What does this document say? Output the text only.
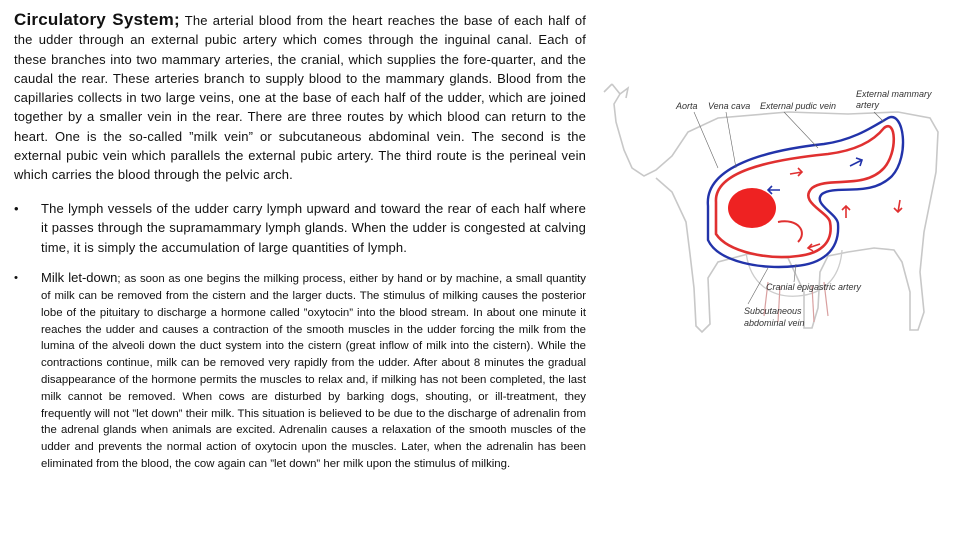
Circulatory System; The arterial blood from the heart reaches the base of each half of the udder through an external pubic artery which comes through the inguinal canal. Each of these branches into two mammary arteries, the cranial, which supplies the fore-quarter, and the caudal the rear. These arteries branch to supply blood to the mammary glands. Blood from the capillaries collects in two large veins, one at the base of each half of the udder, which are joined together by a smaller vein in the rear. There are three routes by which blood can return to the heart. One is the so-called ”milk vein” or subcutaneous abdominal vein. The second is the external pubic vein which parallels the external pubic artery. The third route is the perineal vein which carries the blood through the pelvic arch.

• The lymph vessels of the udder carry lymph upward and toward the rear of each half where it passes through the supramammary lymph glands. When the udder is congested at calving time, it is simply the accumulation of large quantities of lymph.

• Milk let-down; as soon as one begins the milking process, either by hand or by machine, a small quantity of milk can be removed from the cistern and the larger ducts. The stimulus of milking causes the posterior lobe of the pituitary to discharge a hormone called ”oxytocin” into the blood stream. In about one minute it reaches the udder and causes a contraction of the smooth muscles in the udder forcing the milk from the lumina of the alveoli down the duct system into the cistern (great inflow of milk into the cistern). While the contractions continue, milk can be removed very rapidly from the udder. After about 8 minutes the gradual disappearance of the hormone permits the muscles to relax and, if milking has not been completed, the last milk cannot be removed. When cows are disturbed by barking dogs, shouting, or ill-treatment, they frequently will not ”let down” their milk. This situation is believed to be due to the discharge of adrenalin from the adrenal glands when animals are excited. Adrenalin causes a relaxation of the smooth muscles of the udder and prevents the normal action of oxytocin upon the muscles. Later, when the adrenalin has been eliminated from the blood, the cow again can ”let down” her milk upon the stimulus of milking.

Aorta Vena cava External pudic vein
External mammary
artery
Cranial epigastric artery
Subcutaneous
abdominal vein
